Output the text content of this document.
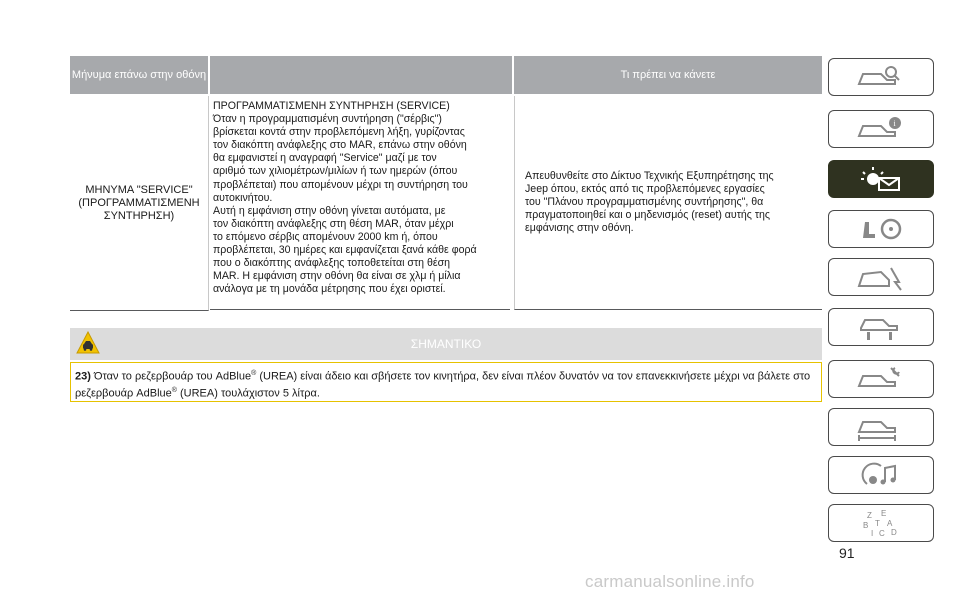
Μήνυμα επάνω στην οθόνη	Τι πρέπει να κάνετε
ΜΗΝΥΜΑ "SERVICE" (ΠΡΟΓΡΑΜΜΑΤΙΣΜΕΝΗ ΣΥΝΤΗΡΗΣΗ)

ΠΡΟΓΡΑΜΜΑΤΙΣΜΕΝΗ ΣΥΝΤΗΡΗΣΗ (SERVICE)

Όταν η προγραμματισμένη συντήρηση ("σέρβις")

βρίσκεται κοντά στην προβλεπόμενη λήξη, γυρίζοντας

τον διακόπτη ανάφλεξης στο MAR, επάνω στην οθόνη

θα εμφανιστεί η αναγραφή "Service" μαζί με τον

αριθμό των χιλιομέτρων/μιλίων ή των ημερών (όπου

προβλέπεται) που απομένουν μέχρι τη συντήρηση του

αυτοκινήτου.

Αυτή η εμφάνιση στην οθόνη γίνεται αυτόματα, με

τον διακόπτη ανάφλεξης στη θέση MAR, όταν μέχρι

το επόμενο σέρβις απομένουν 2000 km ή, όπου

προβλέπεται, 30 ημέρες και εμφανίζεται ξανά κάθε φορά

που ο διακόπτης ανάφλεξης τοποθετείται στη θέση

MAR. Η εμφάνιση στην οθόνη θα είναι σε χλμ ή μίλια

ανάλογα με τη μονάδα μέτρησης που έχει οριστεί.

Απευθυνθείτε στο Δίκτυο Τεχνικής Εξυπηρέτησης της
Jeep όπου, εκτός από τις προβλεπόμενες εργασίες
του "Πλάνου προγραμματισμένης συντήρησης", θα
πραγματοποιηθεί και ο μηδενισμός (reset) αυτής της
εμφάνισης στην οθόνη.
ΣΗΜΑΝΤΙΚΟ
23) Όταν το ρεζερβουάρ του AdBlue® (UREA) είναι άδειο και σβήσετε τον κινητήρα, δεν είναι πλέον δυνατόν να τον επανεκκινήσετε μέχρι να βάλετε στο ρεζερβουάρ AdBlue® (UREA) τουλάχιστον 5 λίτρα.
i
Z E
B T A
I C D
91
carmanualsonline.info
